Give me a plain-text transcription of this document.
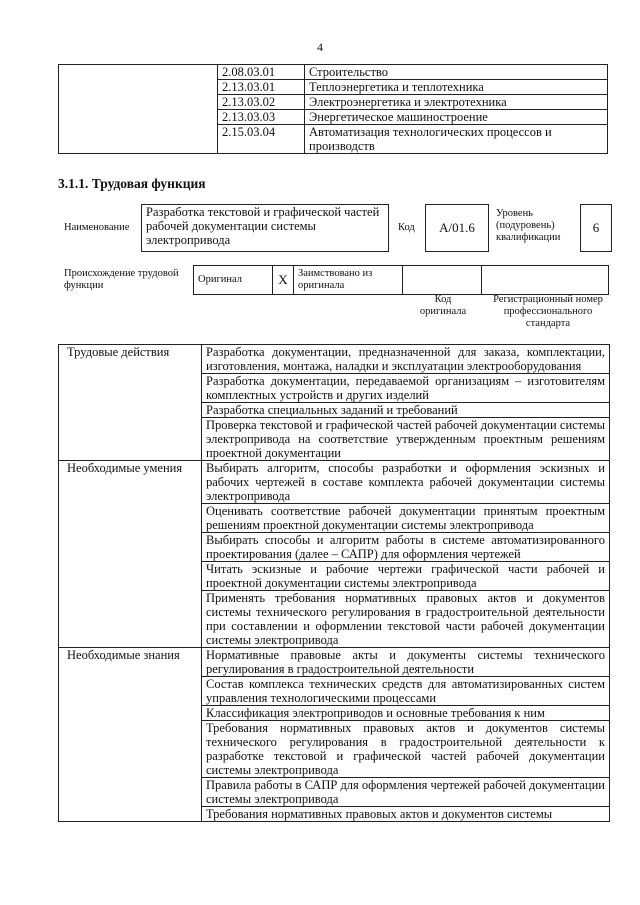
4
	2.08.03.01	Строительство
	2.13.03.01	Теплоэнергетика и теплотехника
	2.13.03.02	Электроэнергетика и электротехника
	2.13.03.03	Энергетическое машиностроение
	2.15.03.04	Автоматизация технологических процессов и производств
3.1.1. Трудовая функция
Наименование
Разработка текстовой и графической частей рабочей документации системы электропривода
Код	А/01.6
Уровень (подуровень) квалификации
6
Происхождение трудовой функции
Оригинал	X	Заимствовано из оригинала		
Код оригинала
Регистрационный номер профессионального стандарта
Трудовые действия	Разработка документации, предназначенной для заказа, комплектации, изготовления, монтажа, наладки и эксплуатации электрооборудования
	Разработка документации, передаваемой организациям – изготовителям комплектных устройств и других изделий
	Разработка специальных заданий и требований
	Проверка текстовой и графической частей рабочей документации системы электропривода на соответствие утвержденным проектным решениям проектной документации
Необходимые умения	Выбирать алгоритм, способы разработки и оформления эскизных и рабочих чертежей в составе комплекта рабочей документации системы электропривода
	Оценивать соответствие рабочей документации принятым проектным решениям проектной документации системы электропривода
	Выбирать способы и алгоритм работы в системе автоматизированного проектирования (далее – САПР) для оформления чертежей
	Читать эскизные и рабочие чертежи графической части рабочей и проектной документации системы электропривода
	Применять требования нормативных правовых актов и документов системы технического регулирования в градостроительной деятельности при составлении и оформлении текстовой части рабочей документации системы электропривода
Необходимые знания	Нормативные правовые акты и документы системы технического регулирования в градостроительной деятельности
	Состав комплекса технических средств для автоматизированных систем управления технологическими процессами
	Классификация электроприводов и основные требования к ним
	Требования нормативных правовых актов и документов системы технического регулирования в градостроительной деятельности к разработке текстовой и графической частей рабочей документации системы электропривода
	Правила работы в САПР для оформления чертежей рабочей документации системы электропривода
	Требования нормативных правовых актов и документов системы
